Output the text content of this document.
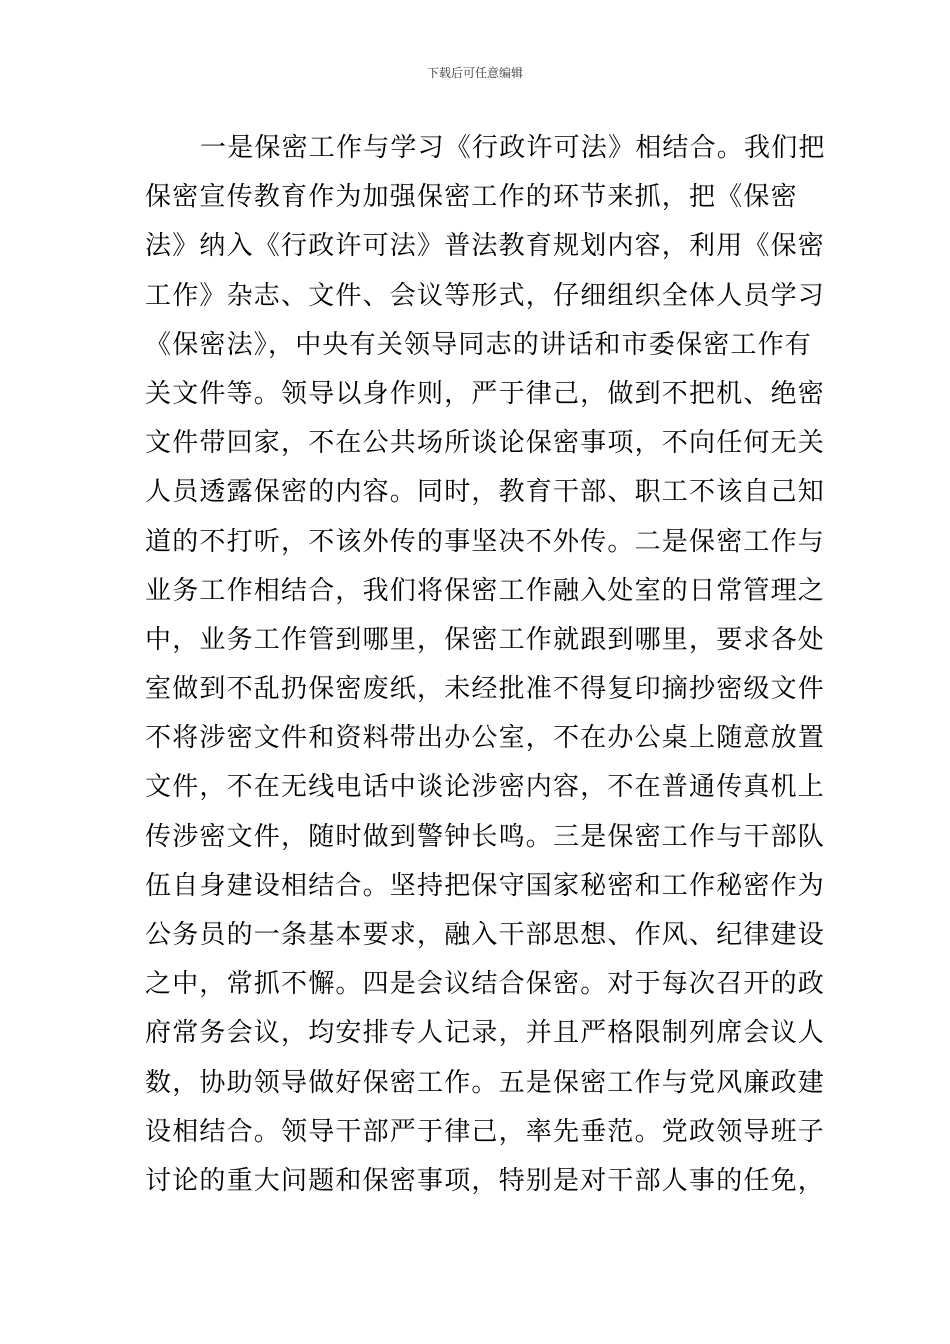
下载后可任意编辑
一是保密工作与学习《行政许可法》相结合。我们把
保密宣传教育作为加强保密工作的环节来抓，把《保密
法》纳入《行政许可法》普法教育规划内容，利用《保密
工作》杂志、文件、会议等形式，仔细组织全体人员学习
《保密法》，中央有关领导同志的讲话和市委保密工作有
关文件等。领导以身作则，严于律己，做到不把机、绝密
文件带回家，不在公共场所谈论保密事项，不向任何无关
人员透露保密的内容。同时，教育干部、职工不该自己知
道的不打听，不该外传的事坚决不外传。二是保密工作与
业务工作相结合，我们将保密工作融入处室的日常管理之
中，业务工作管到哪里，保密工作就跟到哪里，要求各处
室做到不乱扔保密废纸，未经批准不得复印摘抄密级文件
不将涉密文件和资料带出办公室，不在办公桌上随意放置
文件，不在无线电话中谈论涉密内容，不在普通传真机上
传涉密文件，随时做到警钟长鸣。三是保密工作与干部队
伍自身建设相结合。坚持把保守国家秘密和工作秘密作为
公务员的一条基本要求，融入干部思想、作风、纪律建设
之中，常抓不懈。四是会议结合保密。对于每次召开的政
府常务会议，均安排专人记录，并且严格限制列席会议人
数，协助领导做好保密工作。五是保密工作与党风廉政建
设相结合。领导干部严于律己，率先垂范。党政领导班子
讨论的重大问题和保密事项，特别是对干部人事的任免，
